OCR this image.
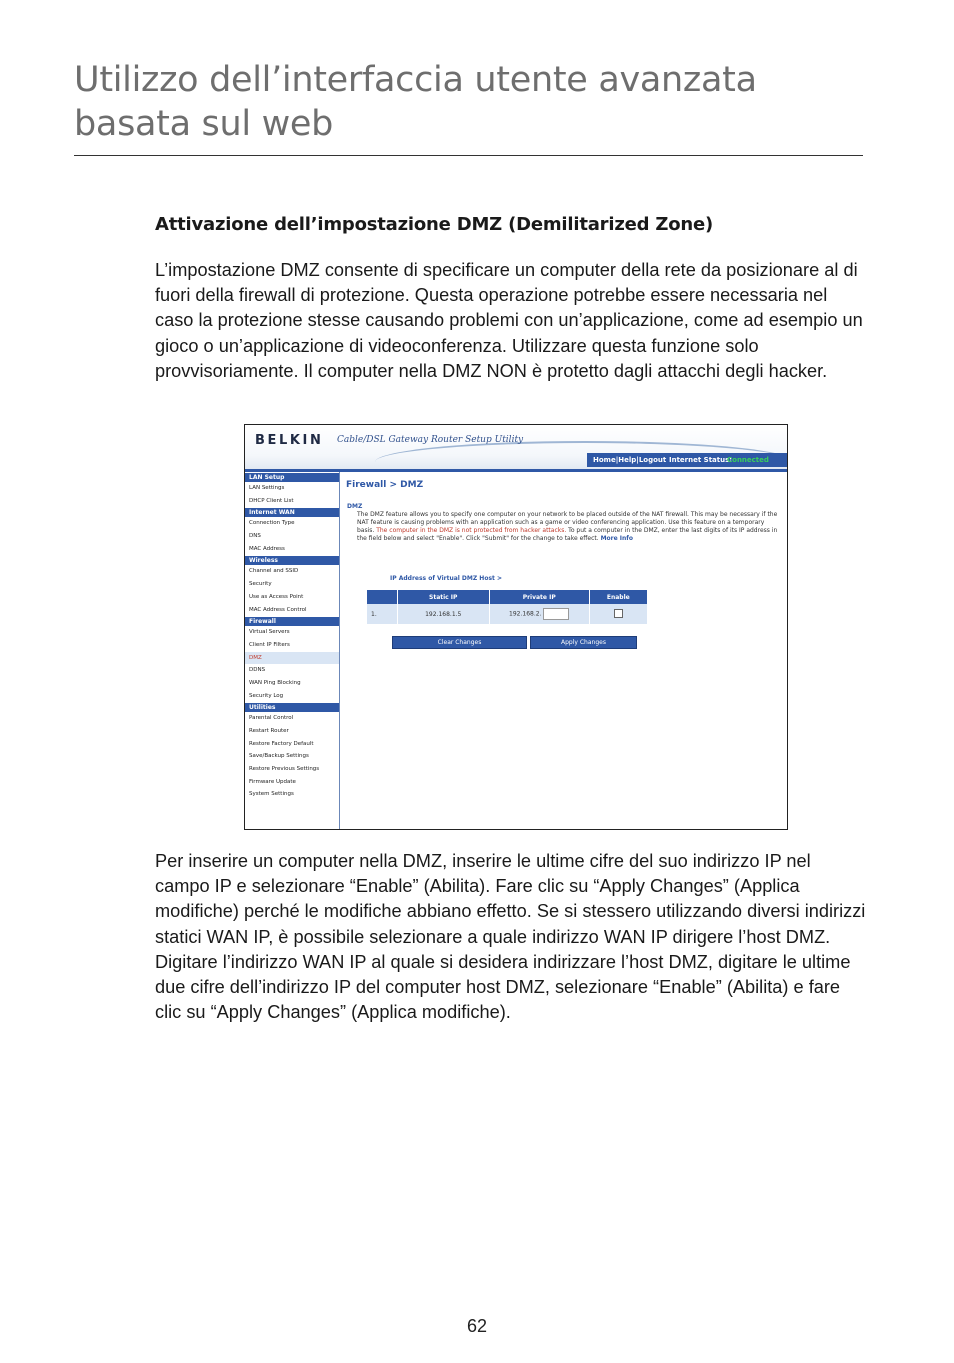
Utilizzo dell’interfaccia utente avanzata basata sul web
Attivazione dell’impostazione DMZ (Demilitarized Zone)

L’impostazione DMZ consente di specificare un computer della rete da posizionare al di fuori della firewall di protezione. Questa operazione potrebbe essere necessaria nel caso la protezione stesse causando problemi con un’applicazione, come ad esempio un gioco o un’applicazione di videoconferenza. Utilizzare questa funzione solo provvisoriamente. Il computer nella DMZ NON è protetto dagli attacchi degli hacker.

BELKIN Cable/DSL Gateway Router Setup Utility
Home|Help|Logout Internet Status:
Connected
LAN Setup
LAN Settings
DHCP Client List
Internet WAN
Connection Type
DNS
MAC Address
Wireless
Channel and SSID
Security
Use as Access Point
MAC Address Control
Firewall
Virtual Servers
Client IP Filters
DMZ
DDNS
WAN Ping Blocking
Security Log
Utilities
Parental Control
Restart Router
Restore Factory Default
Save/Backup Settings
Restore Previous Settings
Firmware Update
System Settings
Firewall > DMZ
DMZ
The DMZ feature allows you to specify one computer on your network to be placed outside of the NAT firewall. This may be necessary if the NAT feature is causing problems with an application such as a game or video conferencing application. Use this feature on a temporary basis. The computer in the DMZ is not protected from hacker attacks. To put a computer in the DMZ, enter the last digits of its IP address in the field below and select "Enable". Click "Submit" for the change to take effect. More Info
IP Address of Virtual DMZ Host >
	Static IP	Private IP	Enable
1.	192.168.1.5	192.168.2.	
Clear Changes	Apply Changes

Per inserire un computer nella DMZ, inserire le ultime cifre del suo indirizzo IP nel campo IP e selezionare “Enable” (Abilita). Fare clic su “Apply Changes” (Applica modifiche) perché le modifiche abbiano effetto. Se si stessero utilizzando diversi indirizzi statici WAN IP, è possibile selezionare a quale indirizzo WAN IP dirigere l’host DMZ. Digitare l’indirizzo WAN IP al quale si desidera indirizzare l’host DMZ, digitare le ultime due cifre dell’indirizzo IP del computer host DMZ, selezionare “Enable” (Abilita) e fare clic su “Apply Changes” (Applica modifiche).

62
